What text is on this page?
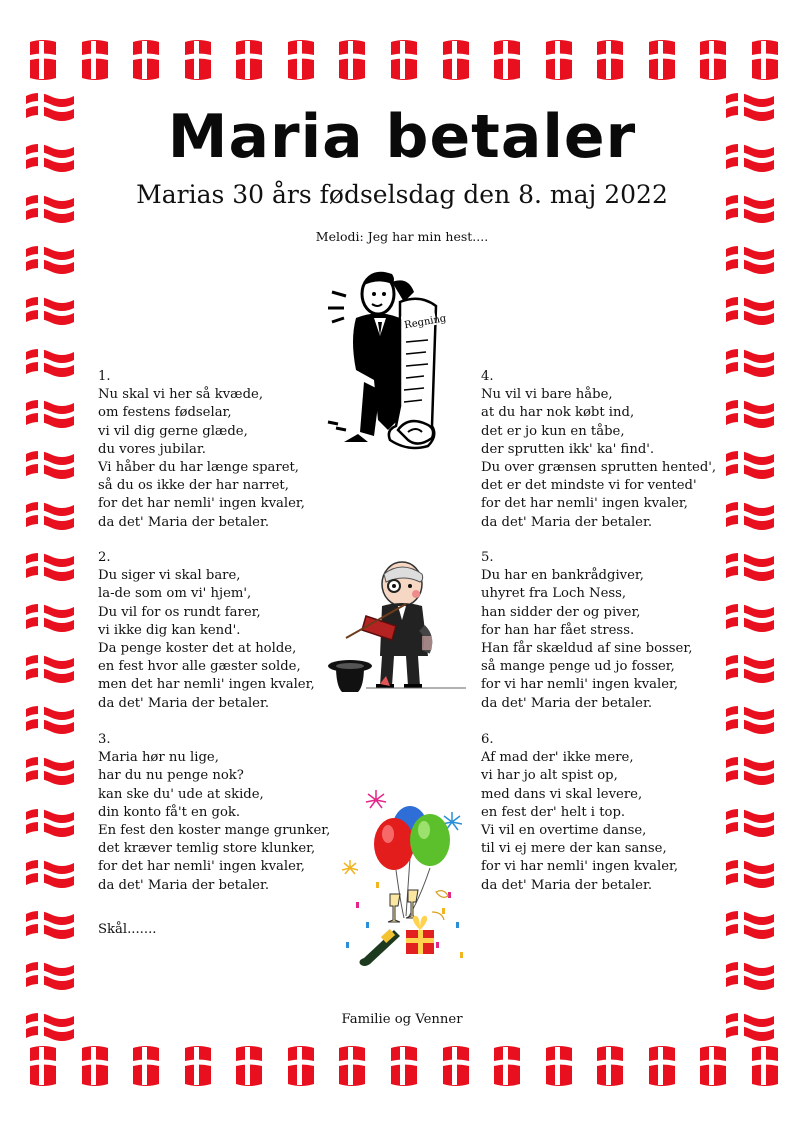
Maria betaler
Marias 30 års fødselsdag den 8. maj 2022
Melodi: Jeg har min hest....
Regning
1.
Nu skal vi her så kvæde,
om festens fødselar,
vi vil dig gerne glæde,
du vores jubilar.
Vi håber du har længe sparet,
så du os ikke der har narret,
for det har nemli' ingen kvaler,
da det' Maria der betaler.
2.
Du siger vi skal bare,
la-de som om vi' hjem',
Du vil for os rundt farer,
vi ikke dig kan kend'.
Da penge koster det at holde,
en fest hvor alle gæster solde,
men det har nemli' ingen kvaler,
da det' Maria der betaler.
3.
Maria hør nu lige,
har du nu penge nok?
kan ske du' ude at skide,
din konto få't en gok.
En fest den koster mange grunker,
det kræver temlig store klunker,
for det har nemli' ingen kvaler,
da det' Maria der betaler.
4.
Nu vil vi bare håbe,
at du har nok købt ind,
det er jo kun en tåbe,
der sprutten ikk' ka' find'.
Du over grænsen sprutten hented',
det er det mindste vi for vented'
for det har nemli' ingen kvaler,
da det' Maria der betaler.
5.
Du har en bankrådgiver,
uhyret fra Loch Ness,
han sidder der og piver,
for han har fået stress.
Han får skældud af sine bosser,
så mange penge ud jo fosser,
for vi har nemli' ingen kvaler,
da det' Maria der betaler.
6.
Af mad der' ikke mere,
vi har jo alt spist op,
med dans vi skal levere,
en fest der' helt i top.
Vi vil en overtime danse,
til vi ej mere der kan sanse,
for vi har nemli' ingen kvaler,
da det' Maria der betaler.
Skål.......
Familie og Venner
